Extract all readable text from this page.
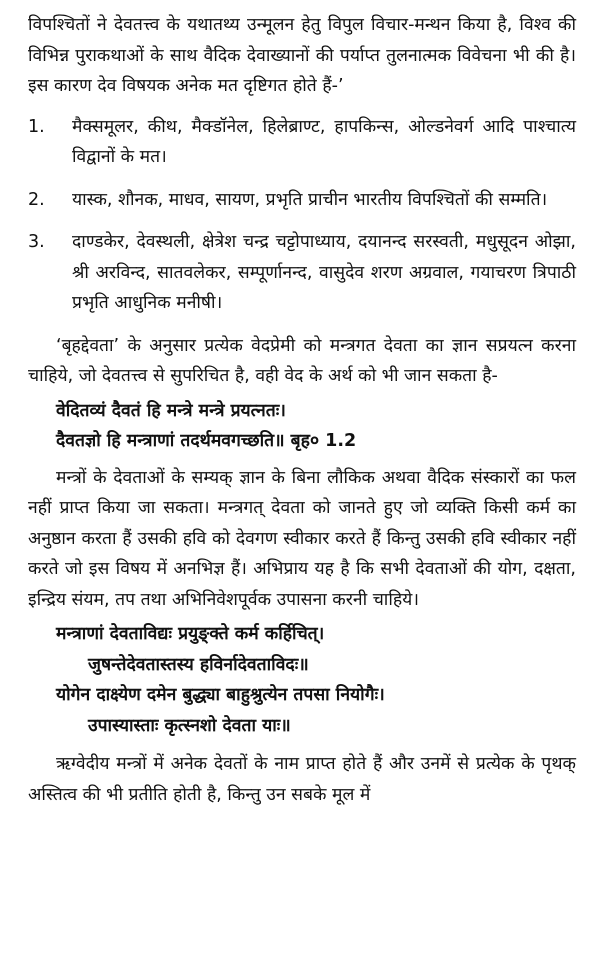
विपश्चितों ने देवतत्त्व के यथातथ्य उन्मूलन हेतु विपुल विचार-मन्थन किया है, विश्व की विभिन्न पुराकथाओं के साथ वैदिक देवाख्यानों की पर्याप्त तुलनात्मक विवेचना भी की है। इस कारण देव विषयक अनेक मत दृष्टिगत होते हैं-’

1.	मैक्समूलर, कीथ, मैक्डॉनेल, हिलेब्राण्ट, हापकिन्स, ओल्डनेवर्ग आदि पाश्चात्य विद्वानों के मत।
2.	यास्क, शौनक, माधव, सायण, प्रभृति प्राचीन भारतीय विपश्चितों की सम्मति।
3.	दाण्डकेर, देवस्थली, क्षेत्रेश चन्द्र चट्टोपाध्याय, दयानन्द सरस्वती, मधुसूदन ओझा, श्री अरविन्द, सातवलेकर, सम्पूर्णानन्द, वासुदेव शरण अग्रवाल, गयाचरण त्रिपाठी प्रभृति आधुनिक मनीषी।

‘बृहद्देवता’ के अनुसार प्रत्येक वेदप्रेमी को मन्त्रगत देवता का ज्ञान सप्रयत्न करना चाहिये, जो देवतत्त्व से सुपरिचित है, वही वेद के अर्थ को भी जान सकता है-

वेदितव्यं दैवतं हि मन्त्रे मन्त्रे प्रयत्नतः।

दैवतज्ञो हि मन्त्राणां तदर्थमवगच्छति॥ बृह० 1.2

मन्त्रों के देवताओं के सम्यक् ज्ञान के बिना लौकिक अथवा वैदिक संस्कारों का फल नहीं प्राप्त किया जा सकता। मन्त्रगत् देवता को जानते हुए जो व्यक्ति किसी कर्म का अनुष्ठान करता हैं उसकी हवि को देवगण स्वीकार करते हैं किन्तु उसकी हवि स्वीकार नहीं करते जो इस विषय में अनभिज्ञ हैं। अभिप्राय यह है कि सभी देवताओं की योग, दक्षता, इन्द्रिय संयम, तप तथा अभिनिवेशपूर्वक उपासना करनी चाहिये।

मन्त्राणां देवताविद्यः प्रयुङ्क्ते कर्म कर्हिचित्।

जुषन्तेदेवतास्तस्य हविर्नादेवताविदः॥

योगेन दाक्ष्येण दमेन बुद्ध्या बाहुश्रुत्येन तपसा नियोगैः।

उपास्यास्ताः कृत्स्नशो देवता याः॥

ऋग्वेदीय मन्त्रों में अनेक देवतों के नाम प्राप्त होते हैं और उनमें से प्रत्येक के पृथक् अस्तित्व की भी प्रतीति होती है, किन्तु उन सबके मूल में
